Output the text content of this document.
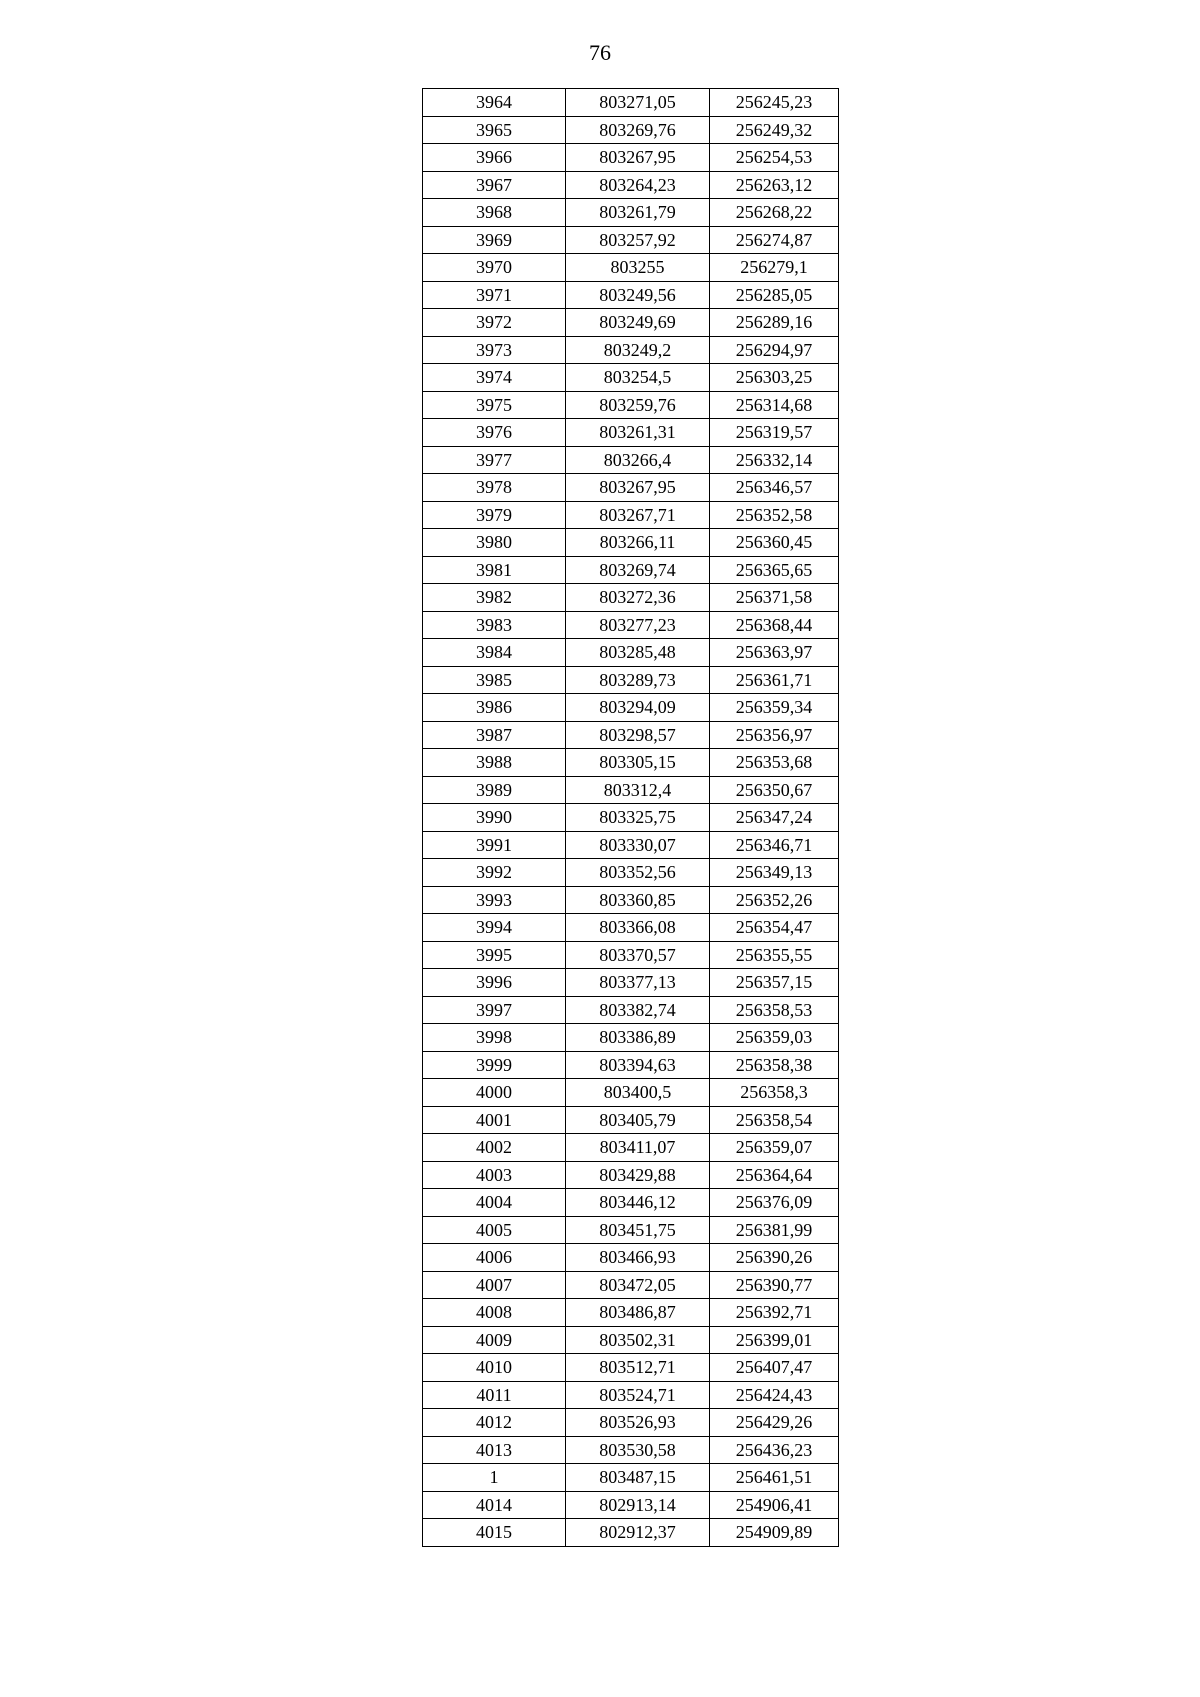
76
3964	803271,05	256245,23
3965	803269,76	256249,32
3966	803267,95	256254,53
3967	803264,23	256263,12
3968	803261,79	256268,22
3969	803257,92	256274,87
3970	803255	256279,1
3971	803249,56	256285,05
3972	803249,69	256289,16
3973	803249,2	256294,97
3974	803254,5	256303,25
3975	803259,76	256314,68
3976	803261,31	256319,57
3977	803266,4	256332,14
3978	803267,95	256346,57
3979	803267,71	256352,58
3980	803266,11	256360,45
3981	803269,74	256365,65
3982	803272,36	256371,58
3983	803277,23	256368,44
3984	803285,48	256363,97
3985	803289,73	256361,71
3986	803294,09	256359,34
3987	803298,57	256356,97
3988	803305,15	256353,68
3989	803312,4	256350,67
3990	803325,75	256347,24
3991	803330,07	256346,71
3992	803352,56	256349,13
3993	803360,85	256352,26
3994	803366,08	256354,47
3995	803370,57	256355,55
3996	803377,13	256357,15
3997	803382,74	256358,53
3998	803386,89	256359,03
3999	803394,63	256358,38
4000	803400,5	256358,3
4001	803405,79	256358,54
4002	803411,07	256359,07
4003	803429,88	256364,64
4004	803446,12	256376,09
4005	803451,75	256381,99
4006	803466,93	256390,26
4007	803472,05	256390,77
4008	803486,87	256392,71
4009	803502,31	256399,01
4010	803512,71	256407,47
4011	803524,71	256424,43
4012	803526,93	256429,26
4013	803530,58	256436,23
1	803487,15	256461,51
4014	802913,14	254906,41
4015	802912,37	254909,89
